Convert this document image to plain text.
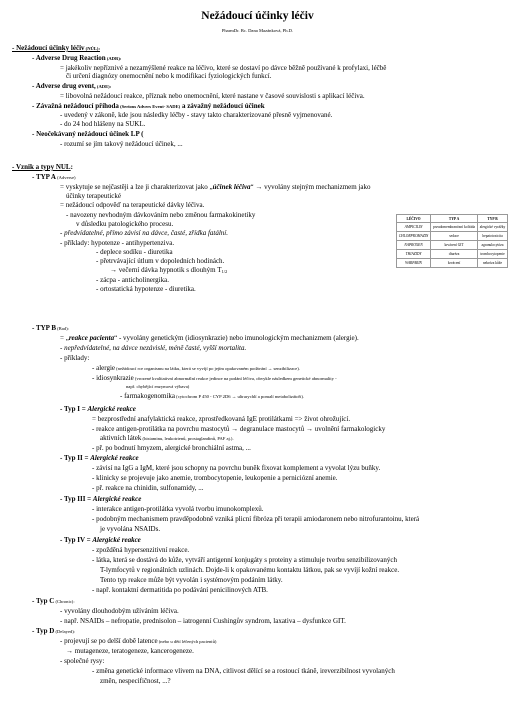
Nežádoucí účinky léčiv
PharmDr. Bc. Dana Mazánková, Ph.D.
- Nežádoucí účinky léčiv (NÚL):
- Adverse Drug Reaction (ADR):
= jakékoliv nepříznivé a nezamýšlené reakce na léčivo, které se dostaví po dávce běžně používané k profylaxi, léčbě
či určení diagnózy onemocnění nebo k modifikaci fyziologických funkcí.
- Adverse drug event, (ADE):
= libovolná nežádoucí reakce, příznak nebo onemocnění, které nastane v časové souvislosti s aplikací léčiva.
- Závažná nežádoucí příhoda (Serious Advers Event- SADE) a závažný nežádoucí účinek
- uvedený v zákoně, kde jsou následky léčby - stavy takto charakterizované přesně vyjmenované.
- do 24 hod hlášeny na SUKL.
- Neočekávaný nežádoucí účinek LP (
- rozumí se jím takový nežádoucí účinek, ...
- Vznik a typy NUL:
- TYP A (Adverse)
= vyskytuje se nejčastěji a lze ji charakterizovat jako „účinek léčiva“ → vyvolány stejným mechanizmem jako
účinky terapeutické
= nežádoucí odpověď na terapeutické dávky léčiva.
- navozeny nevhodným dávkováním nebo změnou farmakokinetiky
v důsledku patologického procesu.
- předvídatelné, přímo závisí na dávce, časté, zřídka fatální.
- příklady: hypotenze - antihypertenziva.
- deplece sodíku - diuretika
- přetrvávající útlum v dopoledních hodinách.
→ večerní dávka hypnotik s dlouhým $T_{1/2}$
- zácpa - anticholinergika.
- ortostatická hypotenze - diuretika.
LÉČIVO	TYP A	TYP B
AMPICILIN	pseudomembranózní kolitida	alergické vyrážky
CHLORPROMAZIN	sedace	hepatotoxicita
NAPROXEN	krvácení GIT	agranulocytóza
THIAZIDY	diuréza	trombocytopenie
WARFARIN	krvácení	nekróza kůže
- TYP B (Bad):
= „reakce pacienta“ - vyvolány genetickým (idiosynkrazie) nebo imunologickým mechanizmem (alergie).
- nepředvídatelné, na dávce nezávislé, méně časté, vyšší mortalita.
- příklady:
- alergie (nežádoucí rce organismu na látku, která se vyvíjí po jejím opakovaném podávání → senzibilizace).
- idiosynkrazie (vrozené kvalitativní abnormální reakce jedince na podání léčiva, obvykle následkem genetické abnormality -
např. chybějící enzymová výbava)
- farmakogenomika (cytochrom P 450 - CYP 2D6 → ultrarychlí a pomalí metabolizátoři).
- Typ I = Alergické reakce
= bezprostřední anafylaktická reakce, zprostředkovaná IgE protilátkami => život ohrožující.
- reakce antigen-protilátka na povrchu mastocytů → degranulace mastocytů → uvolnění farmakologicky
aktivních látek (histaminu, leukotrienů, prostaglandinů, PAF aj.).
- př. po bodnutí hmyzem, alergické bronchiální astma, ...
- Typ II = Alergické reakce
- závisí na IgG a IgM, které jsou schopny na povrchu buněk fixovat komplement a vyvolat lýzu buňky.
- klinicky se projevuje jako anemie, trombocytopenie, leukopenie a perniciózní anemie.
- př. reakce na chinidin, sulfonamidy, ...
- Typ III = Alergické reakce
- interakce antigen-protilátka vyvolá tvorbu imunokomplexů.
- podobným mechanismem pravděpodobně vzniká plicní fibróza při terapii amiodaronem nebo nitrofurantoinu, která
je vyvolána NSAIDs.
- Typ IV = Alergické reakce
- zpožděná hypersenzitivní reakce.
- látka, která se dostává do kůže, vytváří antigenní konjugáty s proteiny a stimuluje tvorbu senzibilizovaných
T-lymfocytů v regionálních uzlinách. Dojde-li k opakovanému kontaktu látkou, pak se vyvíjí kožní reakce.
Tento typ reakce může být vyvolán i systémovým podáním látky.
- např. kontaktní dermatitida po podávání penicilinových ATB.
- Typ C (Chronic):
- vyvolány dlouhodobým užíváním léčiva.
- např. NSAIDs – nefropatie, prednisolon – iatrogenní Cushingův syndrom, laxativa – dysfunkce GIT.
- Typ D (Delayed):
- projevují se po delší době latence (nebo u dětí léčených pacientů)
→ mutageneze, teratogeneze, kancerogeneze.
- společné rysy:
- změna genetické informace vlivem na DNA, citlivost dělící se a rostoucí tkáně, ireverzibilnost vyvolaných
změn, nespecifičnost, ...?
